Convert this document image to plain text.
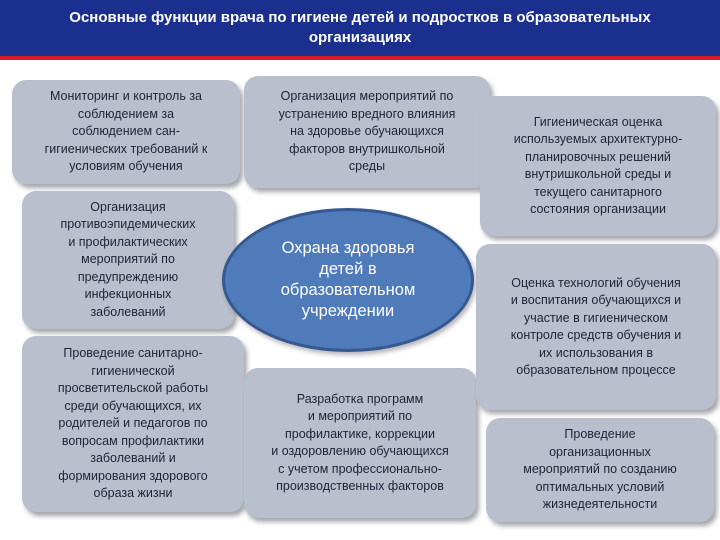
Основные функции врача по гигиене детей и подростков в образовательных организациях
Мониторинг и контроль за
соблюдением за
соблюдением сан-
гигиенических требований к
условиям обучения
Организация
противоэпидемических
и профилактических
мероприятий по
предупреждению
инфекционных
заболеваний
Проведение санитарно-
гигиенической
просветительской работы
среди обучающихся, их
родителей и педагогов по
вопросам профилактики
заболеваний и
формирования здорового
образа жизни
Организация мероприятий по
устранению вредного влияния
на здоровье обучающихся
факторов внутришкольной
среды
Охрана здоровья
детей в
образовательном
учреждении
Разработка программ
и мероприятий по
профилактике, коррекции
и оздоровлению обучающихся
с учетом профессионально-
производственных факторов
Гигиеническая оценка
используемых архитектурно-
планировочных решений
внутришкольной среды и
текущего санитарного
состояния организации
Оценка технологий обучения
и воспитания обучающихся и
участие в гигиеническом
контроле средств обучения и
их использования в
образовательном процессе
Проведение
организационных
мероприятий по созданию
оптимальных условий
жизнедеятельности
